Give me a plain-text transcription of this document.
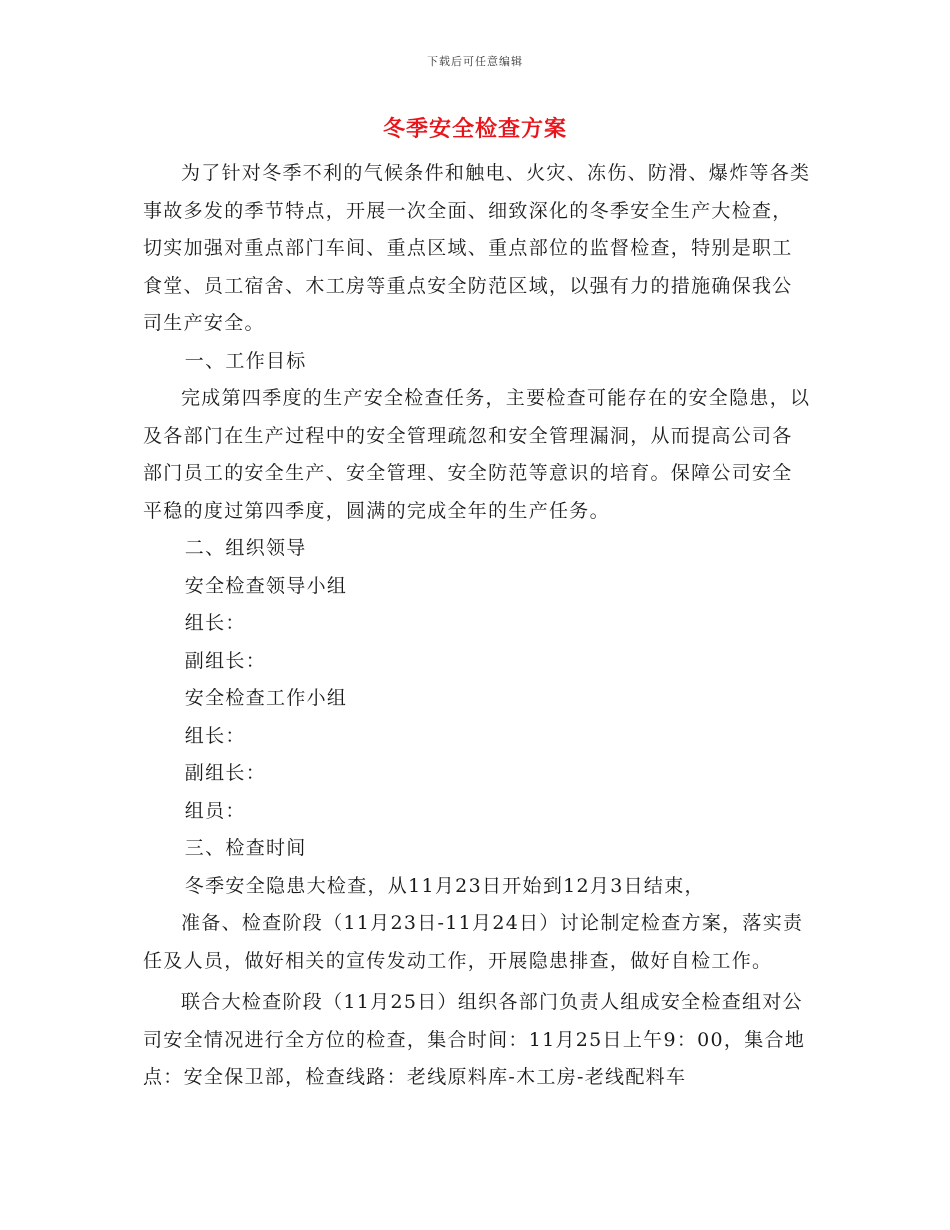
下载后可任意编辑
冬季安全检查方案

为了针对冬季不利的气候条件和触电、火灾、冻伤、防滑、爆炸等各类事故多发的季节特点，开展一次全面、细致深化的冬季安全生产大检查，切实加强对重点部门车间、重点区域、重点部位的监督检查，特别是职工食堂、员工宿舍、木工房等重点安全防范区域，以强有力的措施确保我公司生产安全。

一、工作目标

完成第四季度的生产安全检查任务，主要检查可能存在的安全隐患，以及各部门在生产过程中的安全管理疏忽和安全管理漏洞，从而提高公司各部门员工的安全生产、安全管理、安全防范等意识的培育。保障公司安全平稳的度过第四季度，圆满的完成全年的生产任务。

二、组织领导

安全检查领导小组

组长：

副组长：

安全检查工作小组

组长：

副组长：

组员：

三、检查时间

冬季安全隐患大检查，从11月23日开始到12月3日结束，

准备、检查阶段（11月23日-11月24日）讨论制定检查方案，落实责任及人员，做好相关的宣传发动工作，开展隐患排查，做好自检工作。

联合大检查阶段（11月25日）组织各部门负责人组成安全检查组对公司安全情况进行全方位的检查，集合时间：11月25日上午9：00，集合地点：安全保卫部，检查线路：老线原料库-木工房-老线配料车
